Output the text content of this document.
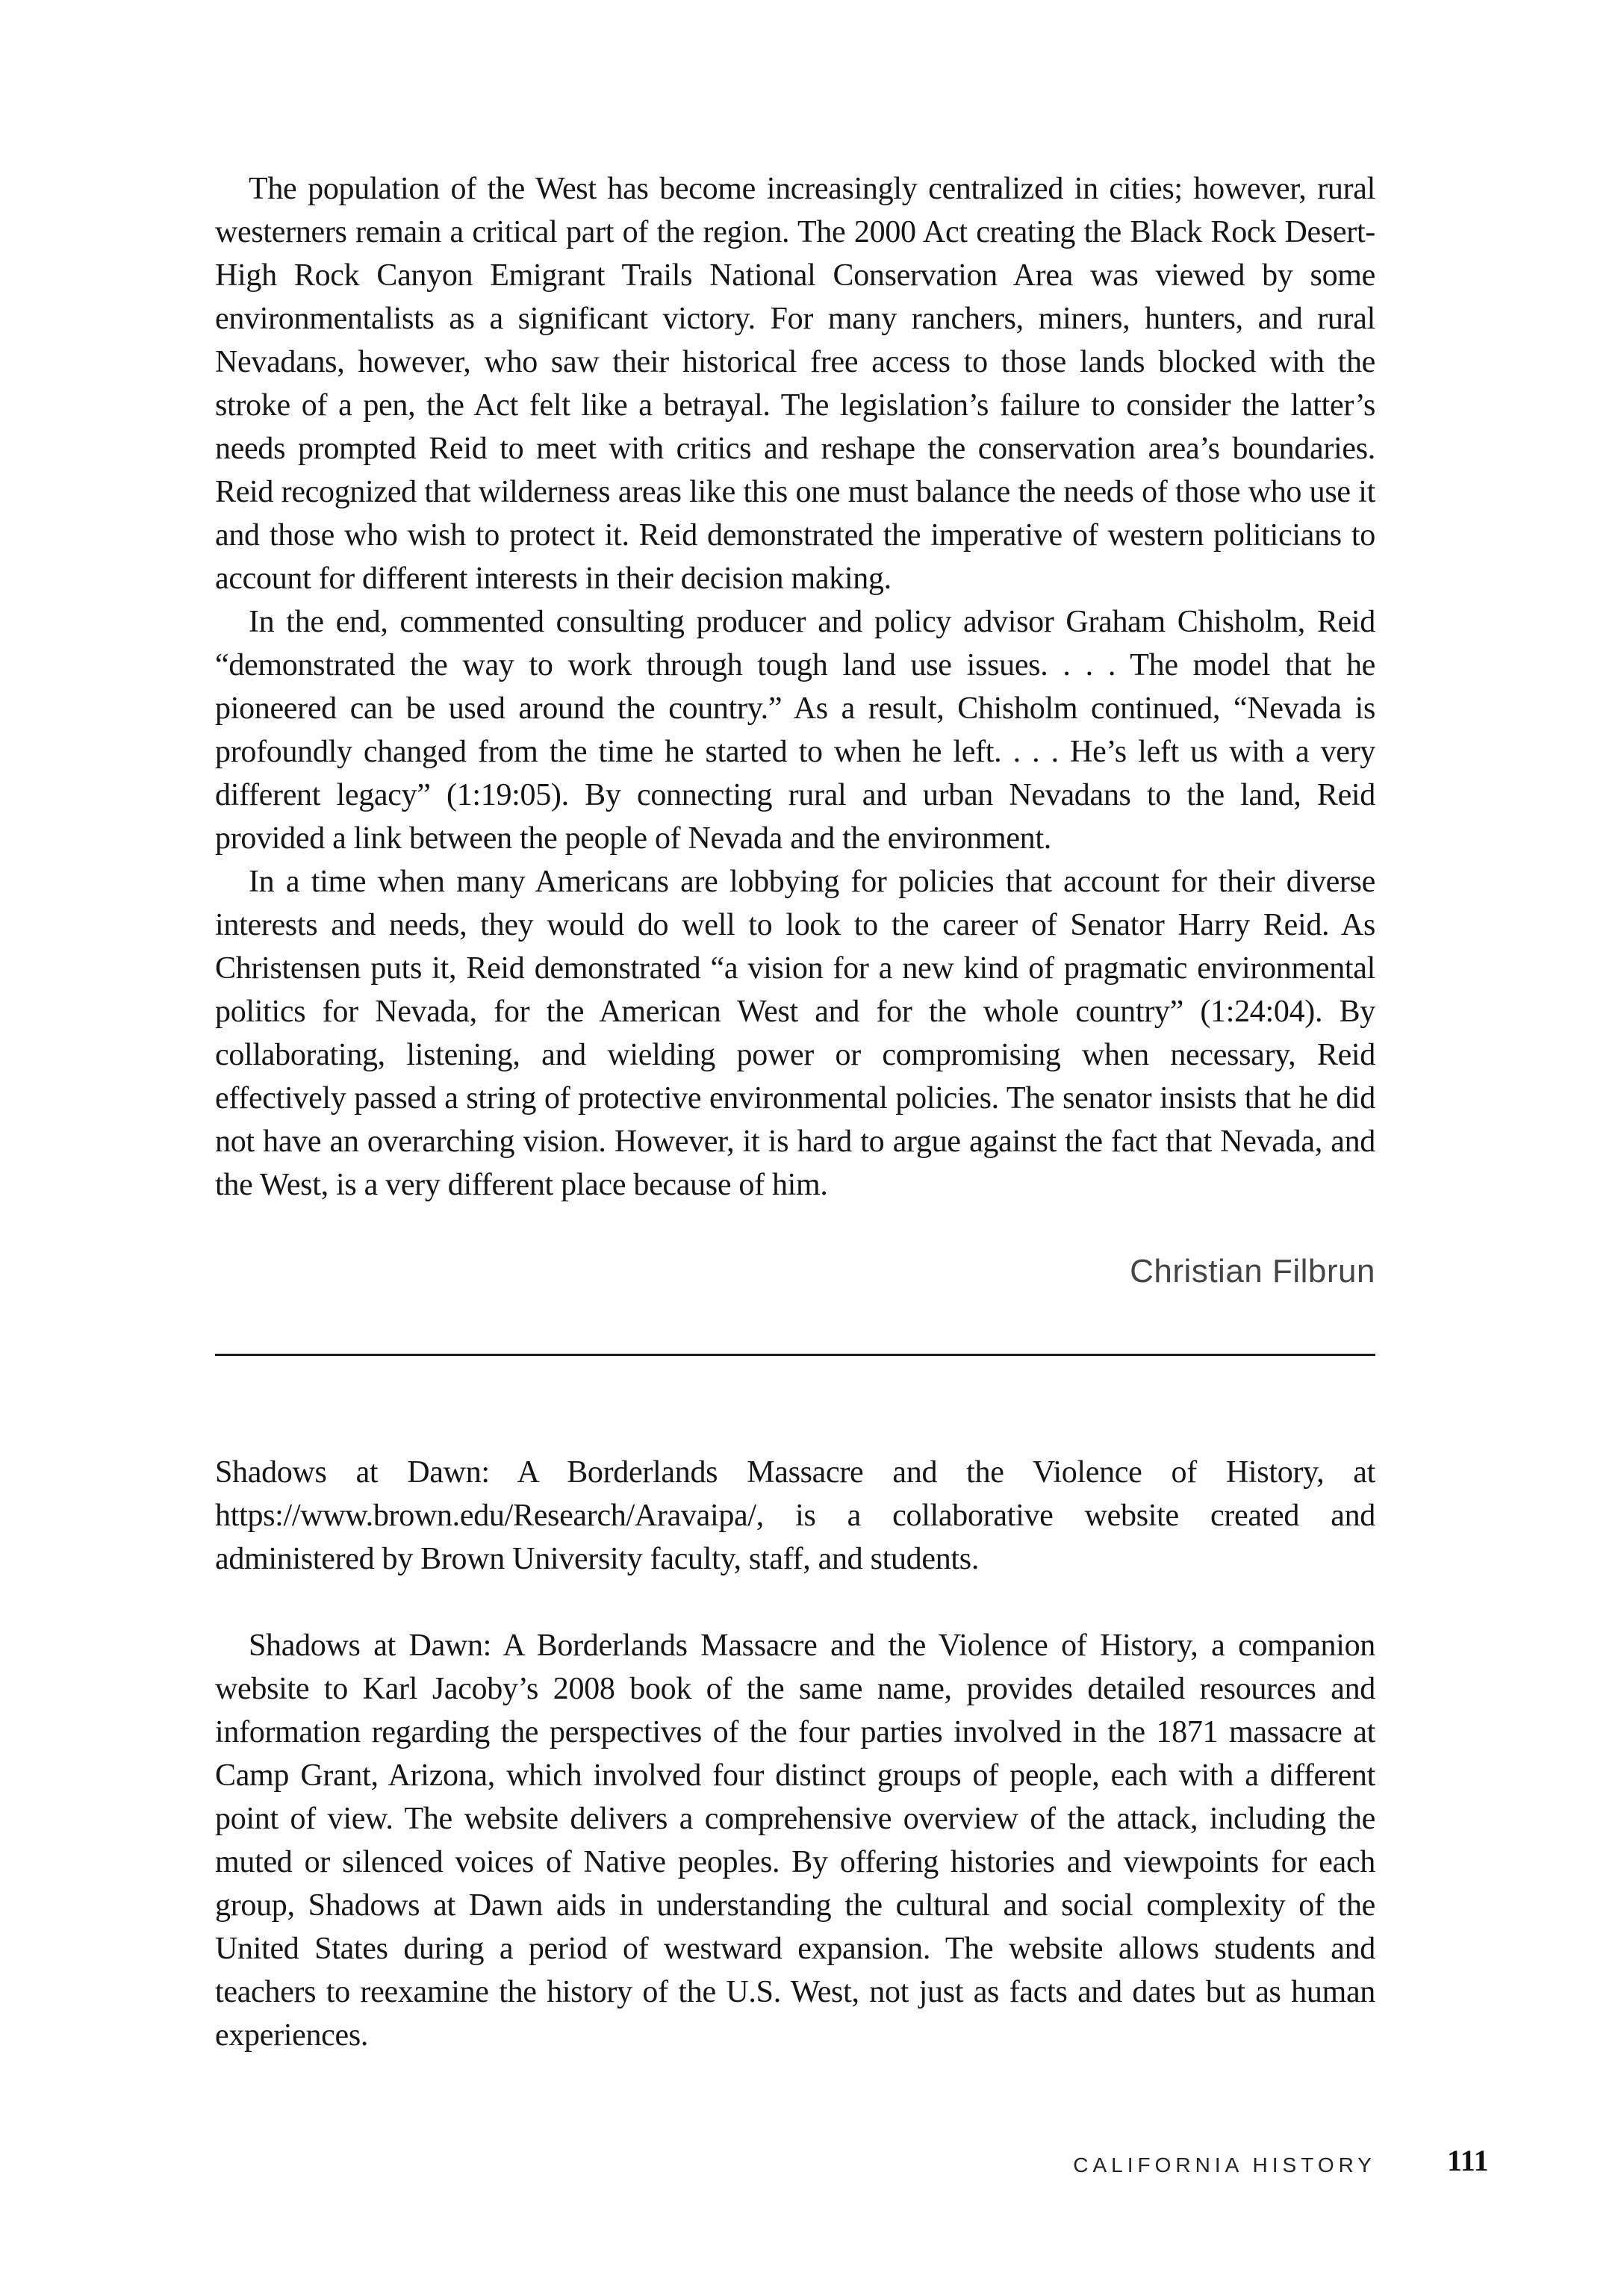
The population of the West has become increasingly centralized in cities; however, rural westerners remain a critical part of the region. The 2000 Act creating the Black Rock Desert-High Rock Canyon Emigrant Trails National Conservation Area was viewed by some environmentalists as a significant victory. For many ranchers, miners, hunters, and rural Nevadans, however, who saw their historical free access to those lands blocked with the stroke of a pen, the Act felt like a betrayal. The legislation’s failure to consider the latter’s needs prompted Reid to meet with critics and reshape the conservation area’s boundaries. Reid recognized that wilderness areas like this one must balance the needs of those who use it and those who wish to protect it. Reid demonstrated the imperative of western politicians to account for different interests in their decision making.

In the end, commented consulting producer and policy advisor Graham Chisholm, Reid “demonstrated the way to work through tough land use issues. . . . The model that he pioneered can be used around the country.” As a result, Chisholm continued, “Nevada is profoundly changed from the time he started to when he left. . . . He’s left us with a very different legacy” (1:19:05). By connecting rural and urban Nevadans to the land, Reid provided a link between the people of Nevada and the environment.

In a time when many Americans are lobbying for policies that account for their diverse interests and needs, they would do well to look to the career of Senator Harry Reid. As Christensen puts it, Reid demonstrated “a vision for a new kind of pragmatic environmental politics for Nevada, for the American West and for the whole country” (1:24:04). By collaborating, listening, and wielding power or compromising when necessary, Reid effectively passed a string of protective environmental policies. The senator insists that he did not have an overarching vision. However, it is hard to argue against the fact that Nevada, and the West, is a very different place because of him.

Christian Filbrun

Shadows at Dawn: A Borderlands Massacre and the Violence of History, at https://www.brown.edu/Research/Aravaipa/, is a collaborative website created and administered by Brown University faculty, staff, and students.

Shadows at Dawn: A Borderlands Massacre and the Violence of History, a companion website to Karl Jacoby’s 2008 book of the same name, provides detailed resources and information regarding the perspectives of the four parties involved in the 1871 massacre at Camp Grant, Arizona, which involved four distinct groups of people, each with a different point of view. The website delivers a comprehensive overview of the attack, including the muted or silenced voices of Native peoples. By offering histories and viewpoints for each group, Shadows at Dawn aids in understanding the cultural and social complexity of the United States during a period of westward expansion. The website allows students and teachers to reexamine the history of the U.S. West, not just as facts and dates but as human experiences.

CALIFORNIA HISTORY 111
